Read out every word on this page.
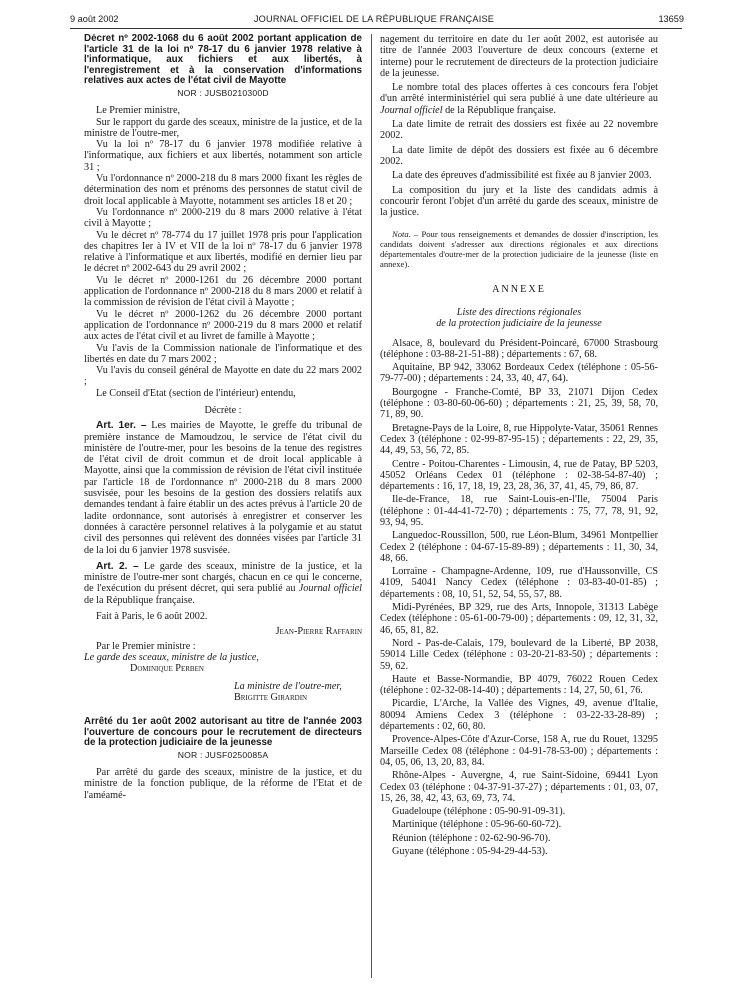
9 août 2002	JOURNAL OFFICIEL DE LA RÉPUBLIQUE FRANÇAISE	13659

Décret nº 2002-1068 du 6 août 2002 portant application de l'article 31 de la loi nº 78-17 du 6 janvier 1978 relative à l'informatique, aux fichiers et aux libertés, à l'enregistrement et à la conservation d'informations relatives aux actes de l'état civil de Mayotte

NOR : JUSB0210300D

Le Premier ministre,

Sur le rapport du garde des sceaux, ministre de la justice, et de la ministre de l'outre-mer,

Vu la loi nº 78-17 du 6 janvier 1978 modifiée relative à l'informatique, aux fichiers et aux libertés, notamment son article 31 ;

Vu l'ordonnance nº 2000-218 du 8 mars 2000 fixant les règles de détermination des nom et prénoms des personnes de statut civil de droit local applicable à Mayotte, notamment ses articles 18 et 20 ;

Vu l'ordonnance nº 2000-219 du 8 mars 2000 relative à l'état civil à Mayotte ;

Vu le décret nº 78-774 du 17 juillet 1978 pris pour l'application des chapitres Ier à IV et VII de la loi nº 78-17 du 6 janvier 1978 relative à l'informatique et aux libertés, modifié en dernier lieu par le décret nº 2002-643 du 29 avril 2002 ;

Vu le décret nº 2000-1261 du 26 décembre 2000 portant application de l'ordonnance nº 2000-218 du 8 mars 2000 et relatif à la commission de révision de l'état civil à Mayotte ;

Vu le décret nº 2000-1262 du 26 décembre 2000 portant application de l'ordonnance nº 2000-219 du 8 mars 2000 et relatif aux actes de l'état civil et au livret de famille à Mayotte ;

Vu l'avis de la Commission nationale de l'informatique et des libertés en date du 7 mars 2002 ;

Vu l'avis du conseil général de Mayotte en date du 22 mars 2002 ;

Le Conseil d'Etat (section de l'intérieur) entendu,

Décrète :

Art. 1er. – Les mairies de Mayotte, le greffe du tribunal de première instance de Mamoudzou, le service de l'état civil du ministère de l'outre-mer, pour les besoins de la tenue des registres de l'état civil de droit commun et de droit local applicable à Mayotte, ainsi que la commission de révision de l'état civil instituée par l'article 18 de l'ordonnance nº 2000-218 du 8 mars 2000 susvisée, pour les besoins de la gestion des dossiers relatifs aux demandes tendant à faire établir un des actes prévus à l'article 20 de ladite ordonnance, sont autorisés à enregistrer et conserver les données à caractère personnel relatives à la polygamie et au statut civil des personnes qui relèvent des données visées par l'article 31 de la loi du 6 janvier 1978 susvisée.

Art. 2. – Le garde des sceaux, ministre de la justice, et la ministre de l'outre-mer sont chargés, chacun en ce qui le concerne, de l'exécution du présent décret, qui sera publié au Journal officiel de la République française.

Fait à Paris, le 6 août 2002.

Jean-Pierre Raffarin

Par le Premier ministre :

Le garde des sceaux, ministre de la justice,

Dominique Perben

La ministre de l'outre-mer,

Brigitte Girardin

Arrêté du 1er août 2002 autorisant au titre de l'année 2003 l'ouverture de concours pour le recrutement de directeurs de la protection judiciaire de la jeunesse

NOR : JUSF0250085A

Par arrêté du garde des sceaux, ministre de la justice, et du ministre de la fonction publique, de la réforme de l'Etat et de l'améamé-

nagement du territoire en date du 1er août 2002, est autorisée au titre de l'année 2003 l'ouverture de deux concours (externe et interne) pour le recrutement de directeurs de la protection judiciaire de la jeunesse.

Le nombre total des places offertes à ces concours fera l'objet d'un arrêté interministériel qui sera publié à une date ultérieure au Journal officiel de la République française.

La date limite de retrait des dossiers est fixée au 22 novembre 2002.

La date limite de dépôt des dossiers est fixée au 6 décembre 2002.

La date des épreuves d'admissibilité est fixée au 8 janvier 2003.

La composition du jury et la liste des candidats admis à concourir feront l'objet d'un arrêté du garde des sceaux, ministre de la justice.

Nota. – Pour tous renseignements et demandes de dossier d'inscription, les candidats doivent s'adresser aux directions régionales et aux directions départementales d'outre-mer de la protection judiciaire de la jeunesse (liste en annexe).

ANNEXE

Liste des directions régionales

de la protection judiciaire de la jeunesse

Alsace, 8, boulevard du Président-Poincaré, 67000 Strasbourg (téléphone : 03-88-21-51-88) ; départements : 67, 68.

Aquitaine, BP 942, 33062 Bordeaux Cedex (téléphone : 05-56-79-77-00) ; départements : 24, 33, 40, 47, 64).

Bourgogne - Franche-Comté, BP 33, 21071 Dijon Cedex (téléphone : 03-80-60-06-60) ; départements : 21, 25, 39, 58, 70, 71, 89, 90.

Bretagne-Pays de la Loire, 8, rue Hippolyte-Vatar, 35061 Rennes Cedex 3 (téléphone : 02-99-87-95-15) ; départements : 22, 29, 35, 44, 49, 53, 56, 72, 85.

Centre - Poitou-Charentes - Limousin, 4, rue de Patay, BP 5203, 45052 Orléans Cedex 01 (téléphone : 02-38-54-87-40) ; départements : 16, 17, 18, 19, 23, 28, 36, 37, 41, 45, 79, 86, 87.

Ile-de-France, 18, rue Saint-Louis-en-l'Ile, 75004 Paris (téléphone : 01-44-41-72-70) ; départements : 75, 77, 78, 91, 92, 93, 94, 95.

Languedoc-Roussillon, 500, rue Léon-Blum, 34961 Montpellier Cedex 2 (téléphone : 04-67-15-89-89) ; départements : 11, 30, 34, 48, 66.

Lorraine - Champagne-Ardenne, 109, rue d'Haussonville, CS 4109, 54041 Nancy Cedex (téléphone : 03-83-40-01-85) ; départements : 08, 10, 51, 52, 54, 55, 57, 88.

Midi-Pyrénées, BP 329, rue des Arts, Innopole, 31313 Labège Cedex (téléphone : 05-61-00-79-00) ; départements : 09, 12, 31, 32, 46, 65, 81, 82.

Nord - Pas-de-Calais, 179, boulevard de la Liberté, BP 2038, 59014 Lille Cedex (téléphone : 03-20-21-83-50) ; départements : 59, 62.

Haute et Basse-Normandie, BP 4079, 76022 Rouen Cedex (téléphone : 02-32-08-14-40) ; départements : 14, 27, 50, 61, 76.

Picardie, L'Arche, la Vallée des Vignes, 49, avenue d'Italie, 80094 Amiens Cedex 3 (téléphone : 03-22-33-28-89) ; départements : 02, 60, 80.

Provence-Alpes-Côte d'Azur-Corse, 158 A, rue du Rouet, 13295 Marseille Cedex 08 (téléphone : 04-91-78-53-00) ; départements : 04, 05, 06, 13, 20, 83, 84.

Rhône-Alpes - Auvergne, 4, rue Saint-Sidoine, 69441 Lyon Cedex 03 (téléphone : 04-37-91-37-27) ; départements : 01, 03, 07, 15, 26, 38, 42, 43, 63, 69, 73, 74.

Guadeloupe (téléphone : 05-90-91-09-31).

Martinique (téléphone : 05-96-60-60-72).

Réunion (téléphone : 02-62-90-96-70).

Guyane (téléphone : 05-94-29-44-53).
